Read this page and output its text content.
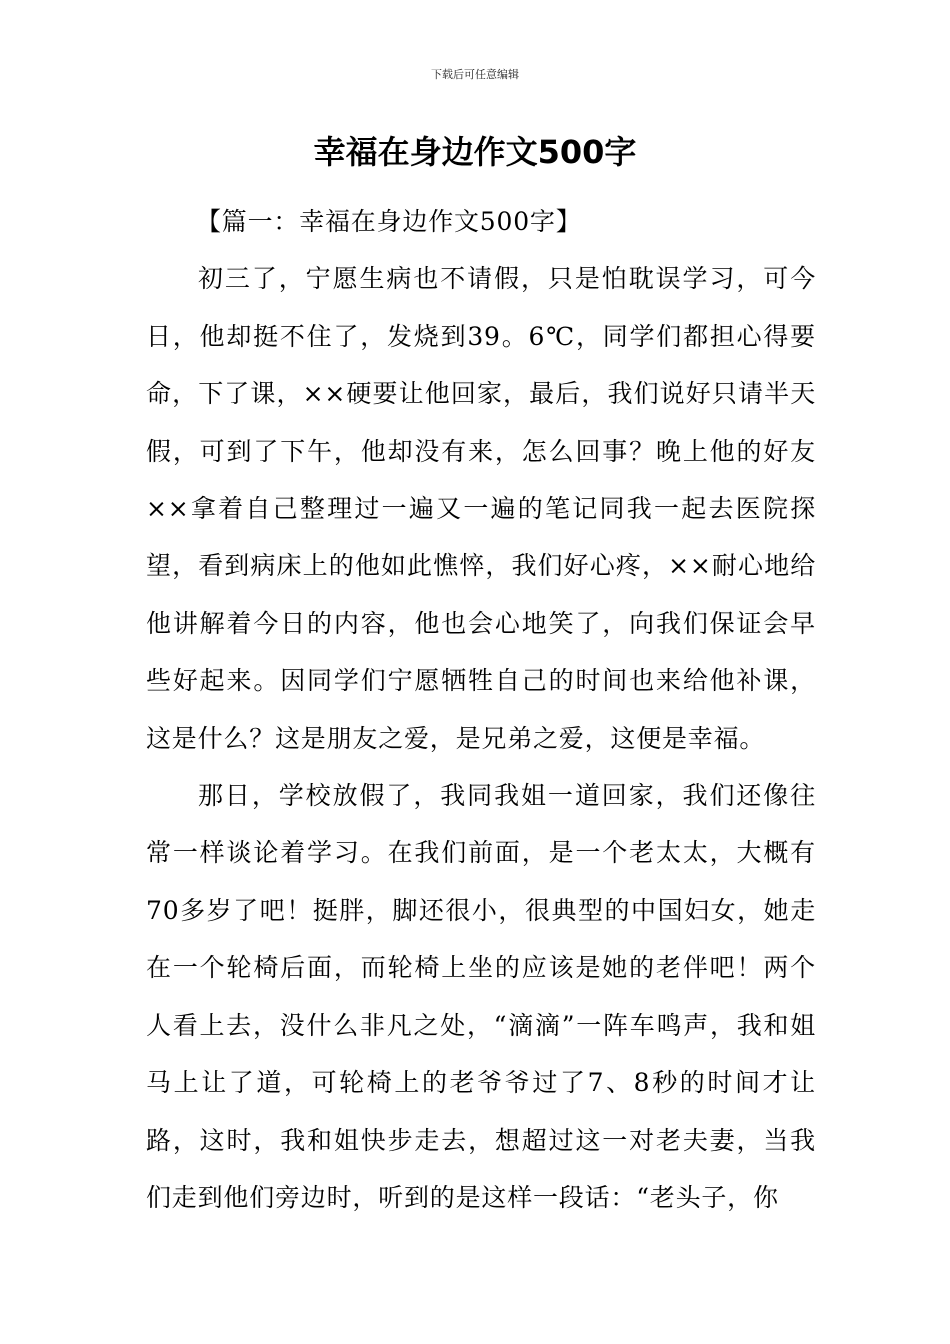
下载后可任意编辑
幸福在身边作文500字

【篇一：幸福在身边作文500字】

初三了，宁愿生病也不请假，只是怕耽误学习，可今日，他却挺不住了，发烧到39。6℃，同学们都担心得要命，下了课，××硬要让他回家，最后，我们说好只请半天假，可到了下午，他却没有来，怎么回事？晚上他的好友××拿着自己整理过一遍又一遍的笔记同我一起去医院探望，看到病床上的他如此憔悴，我们好心疼，××耐心地给他讲解着今日的内容，他也会心地笑了，向我们保证会早些好起来。因同学们宁愿牺牲自己的时间也来给他补课，这是什么？这是朋友之爱，是兄弟之爱，这便是幸福。

那日，学校放假了，我同我姐一道回家，我们还像往常一样谈论着学习。在我们前面，是一个老太太，大概有70多岁了吧！挺胖，脚还很小，很典型的中国妇女，她走在一个轮椅后面，而轮椅上坐的应该是她的老伴吧！两个人看上去，没什么非凡之处，“滴滴”一阵车鸣声，我和姐马上让了道，可轮椅上的老爷爷过了7、8秒的时间才让路，这时，我和姐快步走去，想超过这一对老夫妻，当我们走到他们旁边时，听到的是这样一段话：“老头子，你
